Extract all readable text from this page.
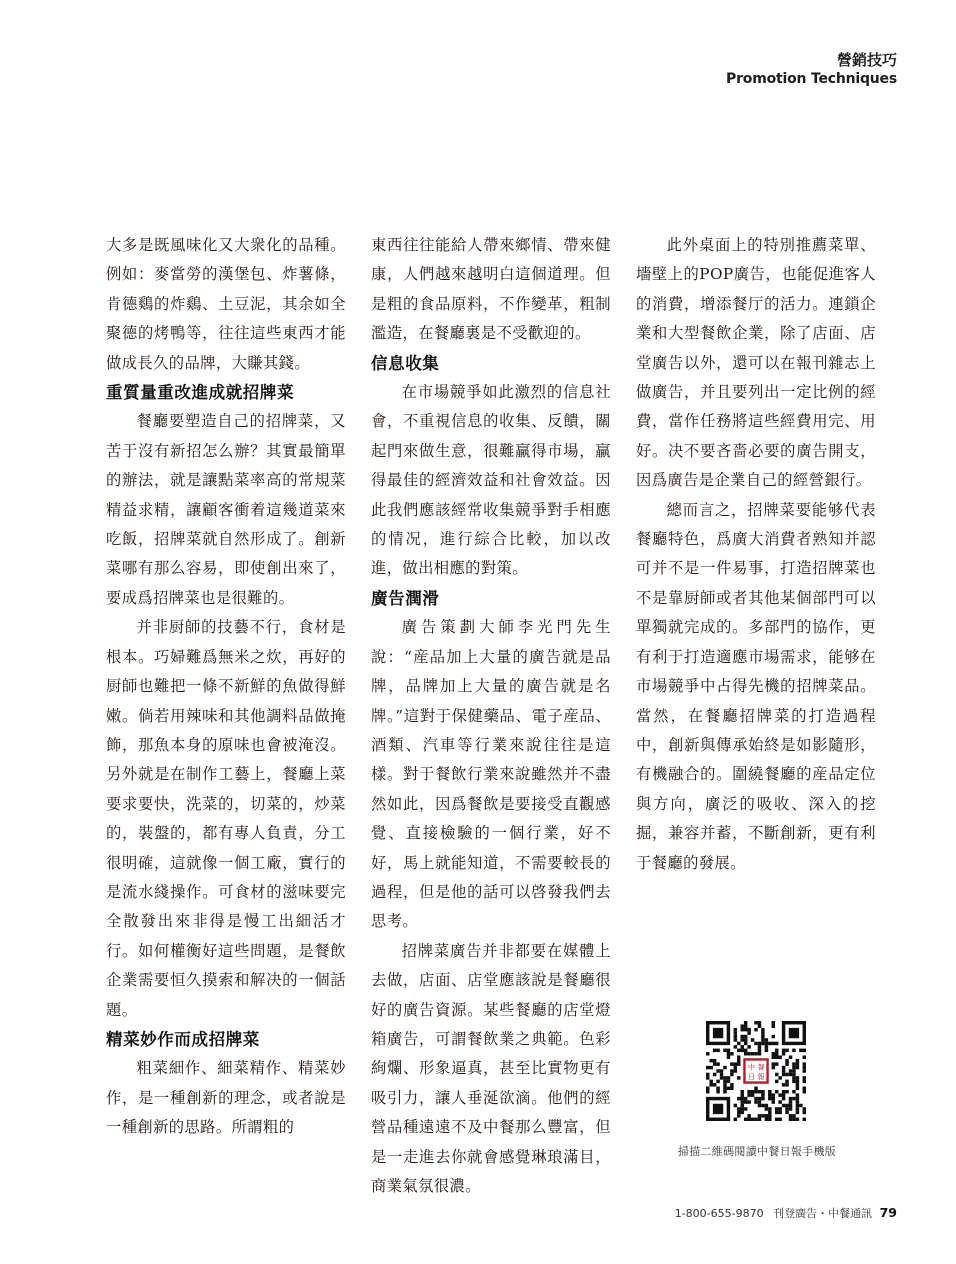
營銷技巧
Promotion Techniques

大多是既風味化又大衆化的品種。例如：麥當勞的漢堡包、炸薯條，肯德鷄的炸鷄、土豆泥，其余如全聚德的烤鴨等，往往這些東西才能做成長久的品牌，大賺其錢。

重質量重改進成就招牌菜

餐廳要塑造自己的招牌菜，又苦于沒有新招怎么辦？其實最簡單的辦法，就是讓點菜率高的常規菜精益求精，讓顧客衝着這幾道菜來吃飯，招牌菜就自然形成了。創新菜哪有那么容易，即使創出來了，要成爲招牌菜也是很難的。

并非厨師的技藝不行，食材是根本。巧婦難爲無米之炊，再好的厨師也難把一條不新鮮的魚做得鮮嫩。倘若用辣味和其他調料品做掩飾，那魚本身的原味也會被淹沒。另外就是在制作工藝上，餐廳上菜要求要快，洗菜的，切菜的，炒菜的，裝盤的，都有專人負責，分工很明確，這就像一個工廠，實行的是流水綫操作。可食材的滋味要完全散發出來非得是慢工出細活才行。如何權衡好這些問題，是餐飲企業需要恒久摸索和解决的一個話題。

精菜妙作而成招牌菜

粗菜細作、細菜精作、精菜妙作，是一種創新的理念，或者說是一種創新的思路。所謂粗的

東西往往能給人帶來鄉情、帶來健康，人們越來越明白這個道理。但是粗的食品原料，不作變革，粗制濫造，在餐廳裏是不受歡迎的。

信息收集

在市場競爭如此激烈的信息社會，不重視信息的收集、反饋，關起門來做生意，很難贏得市場，贏得最佳的經濟效益和社會效益。因此我們應該經常收集競爭對手相應的情况，進行綜合比較，加以改進，做出相應的對策。

廣告潤滑

廣告策劃大師李光門先生說：“産品加上大量的廣告就是品牌，品牌加上大量的廣告就是名牌。”這對于保健藥品、電子産品、酒類、汽車等行業來說往往是這樣。對于餐飲行業來說雖然并不盡然如此，因爲餐飲是要接受直觀感覺、直接檢驗的一個行業，好不好，馬上就能知道，不需要較長的過程，但是他的話可以啓發我們去思考。

招牌菜廣告并非都要在媒體上去做，店面、店堂應該說是餐廳很好的廣告資源。某些餐廳的店堂燈箱廣告，可謂餐飲業之典範。色彩絢爛、形象逼真，甚至比實物更有吸引力，讓人垂涎欲滴。他們的經營品種遠遠不及中餐那么豐富，但是一走進去你就會感覺琳琅滿目，商業氣氛很濃。

此外桌面上的特別推薦菜單、墻壁上的POP廣告，也能促進客人的消費，增添餐厅的活力。連鎖企業和大型餐飲企業，除了店面、店堂廣告以外，還可以在報刊雜志上做廣告，并且要列出一定比例的經費，當作任務將這些經費用完、用好。决不要吝嗇必要的廣告開支，因爲廣告是企業自己的經營銀行。

總而言之，招牌菜要能够代表餐廳特色，爲廣大消費者熟知并認可并不是一件易事，打造招牌菜也不是靠厨師或者其他某個部門可以單獨就完成的。多部門的協作，更有利于打造適應市場需求，能够在市場競爭中占得先機的招牌菜品。當然，在餐廳招牌菜的打造過程中，創新與傳承始終是如影隨形，有機融合的。圍繞餐廳的産品定位與方向，廣泛的吸收、深入的挖掘，兼容并蓄，不斷創新，更有利于餐廳的發展。

中 餐
日 報
掃描二維碼閱讀中餐日報手機版
1-800-655-9870 刊登廣告・中餐通訊 79
